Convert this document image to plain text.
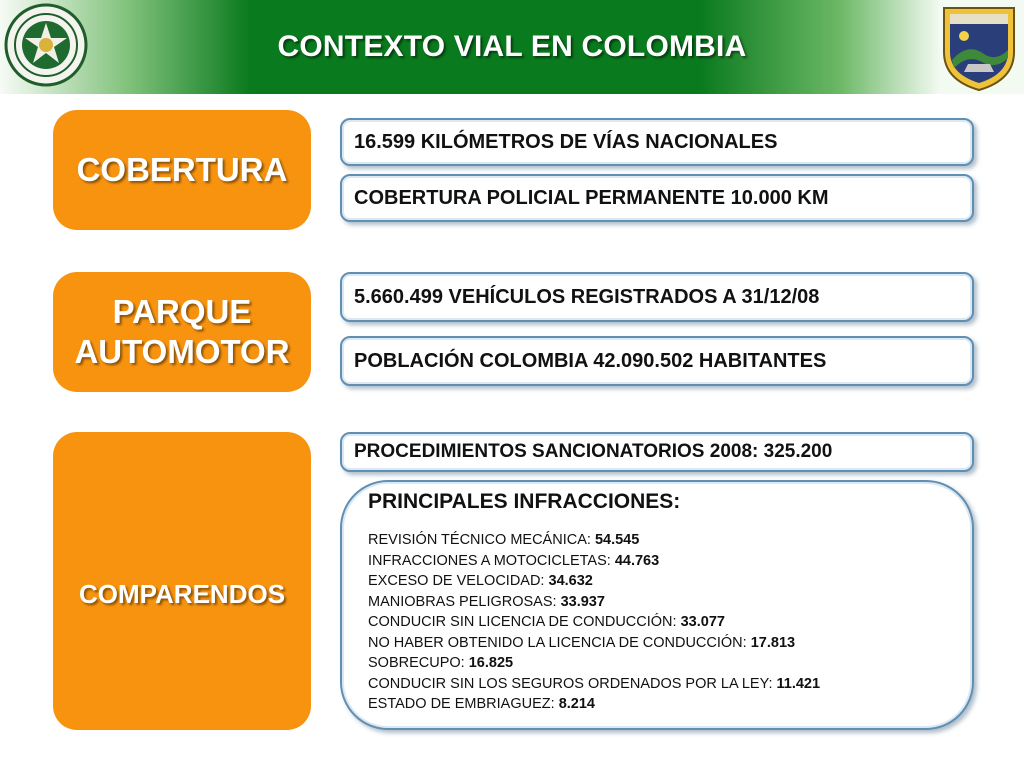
CONTEXTO VIAL EN COLOMBIA
COBERTURA
16.599 KILÓMETROS DE VÍAS NACIONALES
COBERTURA POLICIAL PERMANENTE 10.000 KM
PARQUE
AUTOMOTOR
5.660.499 VEHÍCULOS REGISTRADOS A 31/12/08
POBLACIÓN COLOMBIA 42.090.502 HABITANTES
COMPARENDOS
PROCEDIMIENTOS SANCIONATORIOS 2008: 325.200
PRINCIPALES INFRACCIONES:
REVISIÓN TÉCNICO MECÁNICA: 54.545
INFRACCIONES A MOTOCICLETAS: 44.763
EXCESO DE VELOCIDAD: 34.632
MANIOBRAS PELIGROSAS: 33.937
CONDUCIR SIN LICENCIA DE CONDUCCIÓN: 33.077
NO HABER OBTENIDO LA LICENCIA DE CONDUCCIÓN: 17.813
SOBRECUPO: 16.825
CONDUCIR SIN LOS SEGUROS ORDENADOS POR LA LEY: 11.421
ESTADO DE EMBRIAGUEZ: 8.214
